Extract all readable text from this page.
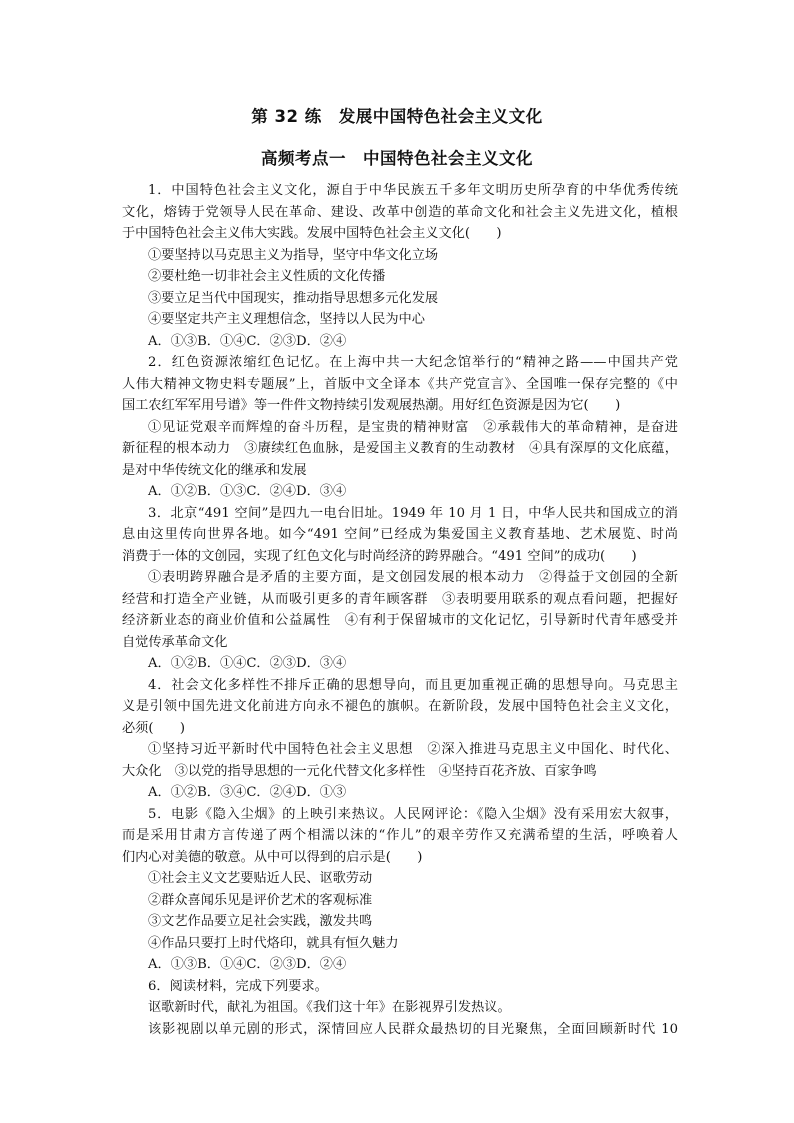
第 32 练　发展中国特色社会主义文化
高频考点一　中国特色社会主义文化
1．中国特色社会主义文化，源自于中华民族五千多年文明历史所孕育的中华优秀传统
文化，熔铸于党领导人民在革命、建设、改革中创造的革命文化和社会主义先进文化，植根
于中国特色社会主义伟大实践。发展中国特色社会主义文化(　　)
①要坚持以马克思主义为指导，坚守中华文化立场
②要杜绝一切非社会主义性质的文化传播
③要立足当代中国现实，推动指导思想多元化发展
④要坚定共产主义理想信念，坚持以人民为中心
A．①③B．①④C．②③D．②④
2．红色资源浓缩红色记忆。在上海中共一大纪念馆举行的“精神之路——中国共产党
人伟大精神文物史料专题展”上，首版中文全译本《共产党宣言》、全国唯一保存完整的《中
国工农红军军用号谱》等一件件文物持续引发观展热潮。用好红色资源是因为它(　　)
①见证党艰辛而辉煌的奋斗历程，是宝贵的精神财富　②承载伟大的革命精神，是奋进
新征程的根本动力　③赓续红色血脉，是爱国主义教育的生动教材　④具有深厚的文化底蕴，
是对中华传统文化的继承和发展
A．①②B．①③C．②④D．③④
3．北京“491 空间”是四九一电台旧址。1949 年 10 月 1 日，中华人民共和国成立的消
息由这里传向世界各地。如今“491 空间”已经成为集爱国主义教育基地、艺术展览、时尚
消费于一体的文创园，实现了红色文化与时尚经济的跨界融合。“491 空间”的成功(　　)
①表明跨界融合是矛盾的主要方面，是文创园发展的根本动力　②得益于文创园的全新
经营和打造全产业链，从而吸引更多的青年顾客群　③表明要用联系的观点看问题，把握好
经济新业态的商业价值和公益属性　④有利于保留城市的文化记忆，引导新时代青年感受并
自觉传承革命文化
A．①②B．①④C．②③D．③④
4．社会文化多样性不排斥正确的思想导向，而且更加重视正确的思想导向。马克思主
义是引领中国先进文化前进方向永不褪色的旗帜。在新阶段，发展中国特色社会主义文化，
必须(　　)
①坚持习近平新时代中国特色社会主义思想　②深入推进马克思主义中国化、时代化、
大众化　③以党的指导思想的一元化代替文化多样性　④坚持百花齐放、百家争鸣
A．①②B．③④C．②④D．①③
5．电影《隐入尘烟》的上映引来热议。人民网评论：《隐入尘烟》没有采用宏大叙事，
而是采用甘肃方言传递了两个相濡以沫的“作儿”的艰辛劳作又充满希望的生活，呼唤着人
们内心对美德的敬意。从中可以得到的启示是(　　)
①社会主义文艺要贴近人民、讴歌劳动
②群众喜闻乐见是评价艺术的客观标准
③文艺作品要立足社会实践，激发共鸣
④作品只要打上时代烙印，就具有恒久魅力
A．①③B．①④C．②③D．②④
6．阅读材料，完成下列要求。
讴歌新时代，献礼为祖国。《我们这十年》在影视界引发热议。
该影视剧以单元剧的形式，深情回应人民群众最热切的目光聚焦，全面回顾新时代 10
